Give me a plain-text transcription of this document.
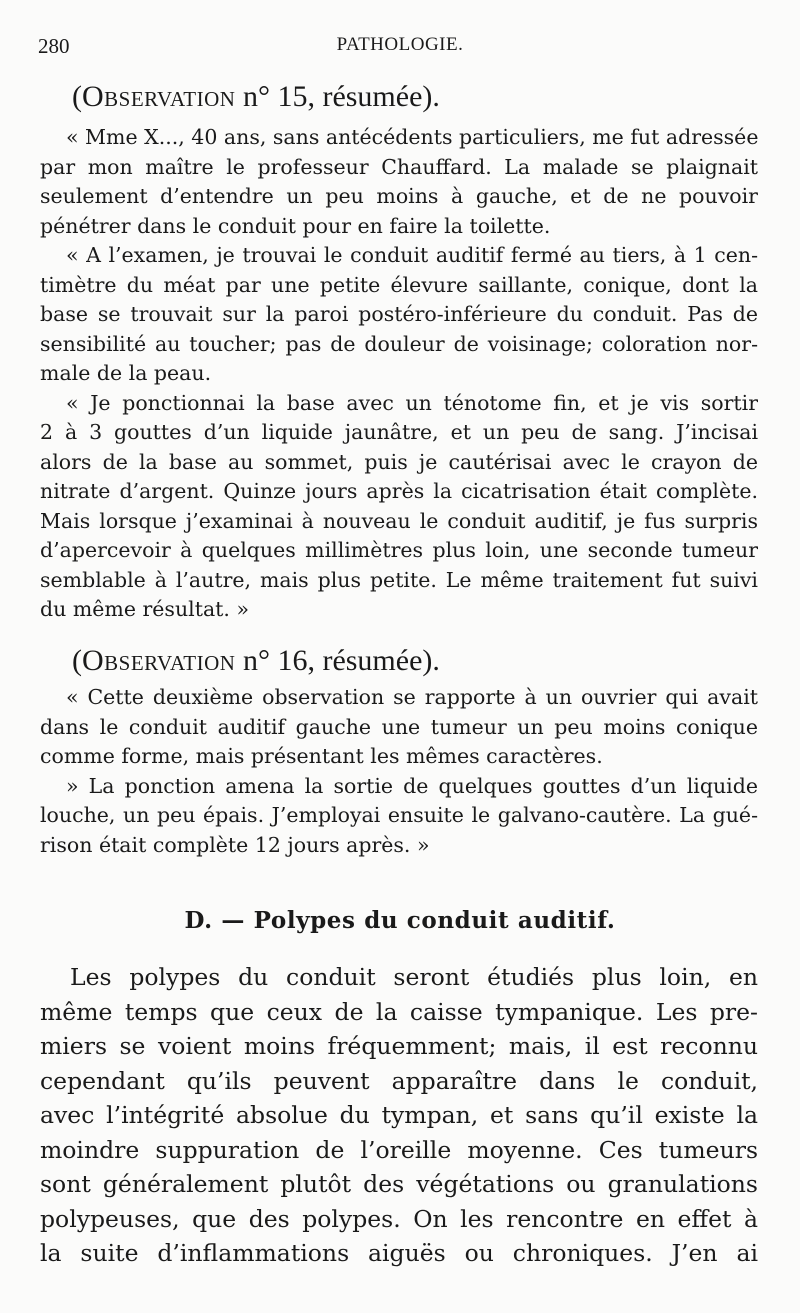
280	PATHOLOGIE.
(Observation n° 15, résumée).
« Mme X..., 40 ans, sans antécédents particuliers, me fut adressée
par mon maître le professeur Chauffard. La malade se plaignait
seulement d’entendre un peu moins à gauche, et de ne pouvoir
pénétrer dans le conduit pour en faire la toilette.
« A l’examen, je trouvai le conduit auditif fermé au tiers, à 1 cen-
timètre du méat par une petite élevure saillante, conique, dont la
base se trouvait sur la paroi postéro-inférieure du conduit. Pas de
sensibilité au toucher; pas de douleur de voisinage; coloration nor-
male de la peau.
« Je ponctionnai la base avec un ténotome fin, et je vis sortir
2 à 3 gouttes d’un liquide jaunâtre, et un peu de sang. J’incisai
alors de la base au sommet, puis je cautérisai avec le crayon de
nitrate d’argent. Quinze jours après la cicatrisation était complète.
Mais lorsque j’examinai à nouveau le conduit auditif, je fus surpris
d’apercevoir à quelques millimètres plus loin, une seconde tumeur
semblable à l’autre, mais plus petite. Le même traitement fut suivi
du même résultat. »
(Observation n° 16, résumée).
« Cette deuxième observation se rapporte à un ouvrier qui avait
dans le conduit auditif gauche une tumeur un peu moins conique
comme forme, mais présentant les mêmes caractères.
» La ponction amena la sortie de quelques gouttes d’un liquide
louche, un peu épais. J’employai ensuite le galvano-cautère. La gué-
rison était complète 12 jours après. »
D. — Polypes du conduit auditif.
Les polypes du conduit seront étudiés plus loin, en
même temps que ceux de la caisse tympanique. Les pre-
miers se voient moins fréquemment; mais, il est reconnu
cependant qu’ils peuvent apparaître dans le conduit,
avec l’intégrité absolue du tympan, et sans qu’il existe la
moindre suppuration de l’oreille moyenne. Ces tumeurs
sont généralement plutôt des végétations ou granulations
polypeuses, que des polypes. On les rencontre en effet à
la suite d’inflammations aiguës ou chroniques. J’en ai
